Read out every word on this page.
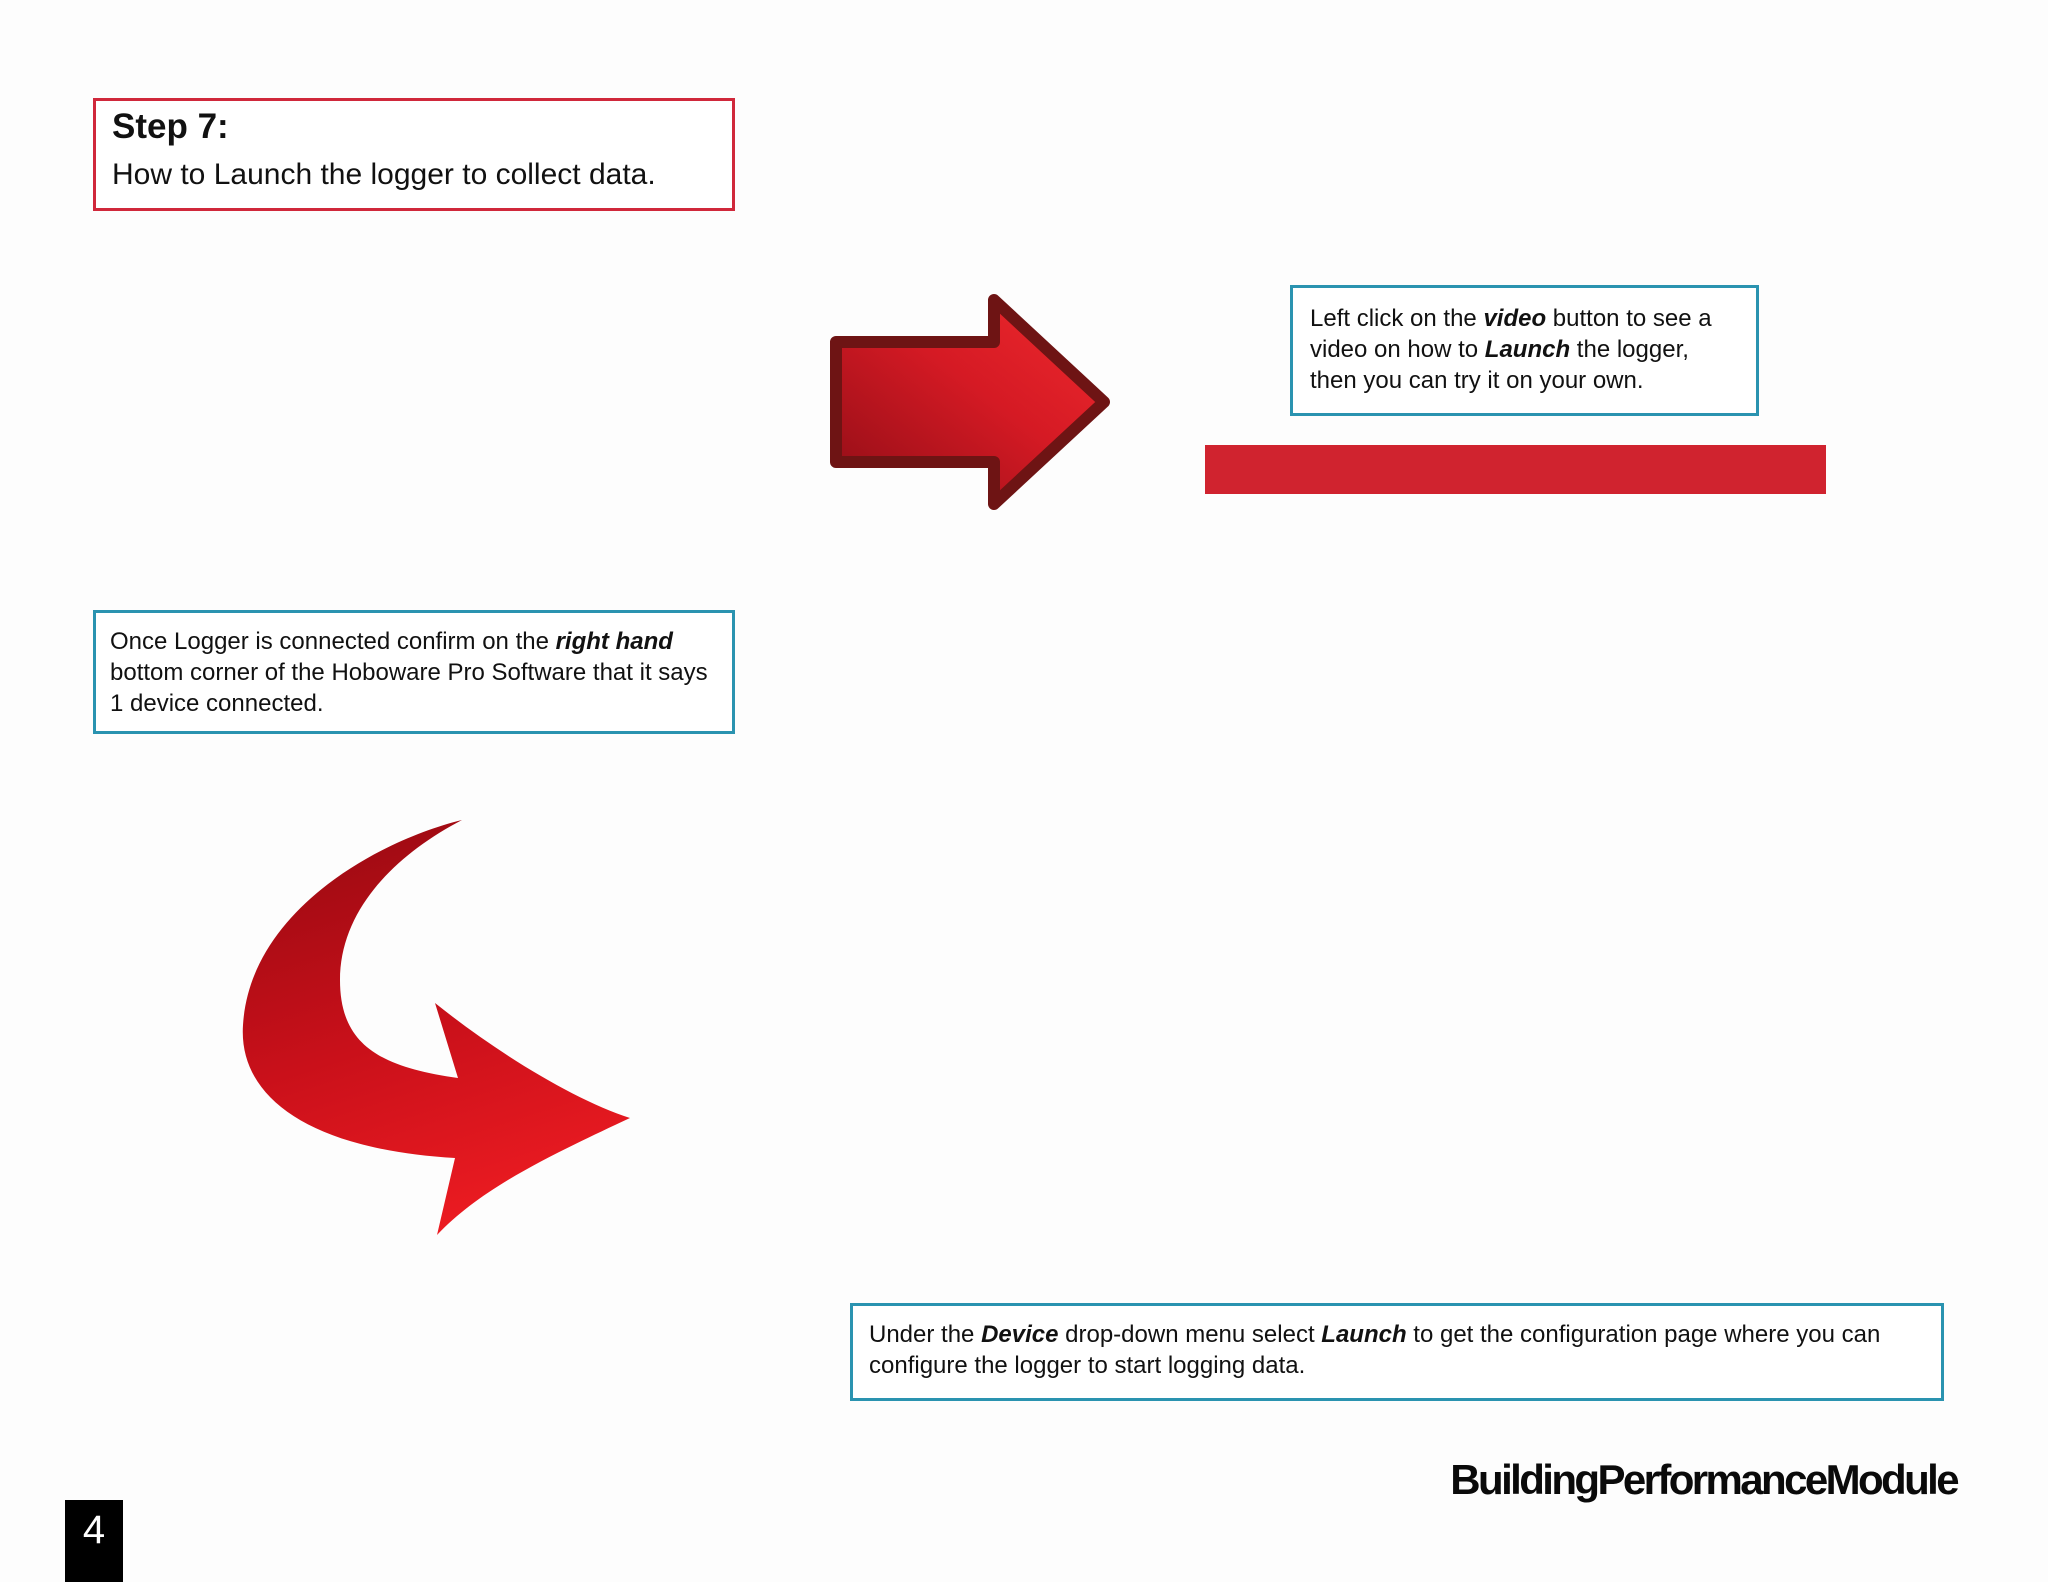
Step 7:
How to Launch the logger to collect data.
Left click on the video button to see a video on how to Launch the logger, then you can try it on your own.
Once Logger is connected confirm on the right hand bottom corner of the Hoboware Pro Software that it says 1 device connected.
Under the Device drop-down menu select Launch to get the configuration page where you can configure the logger to start logging data.
BuildingPerformanceModule
4
